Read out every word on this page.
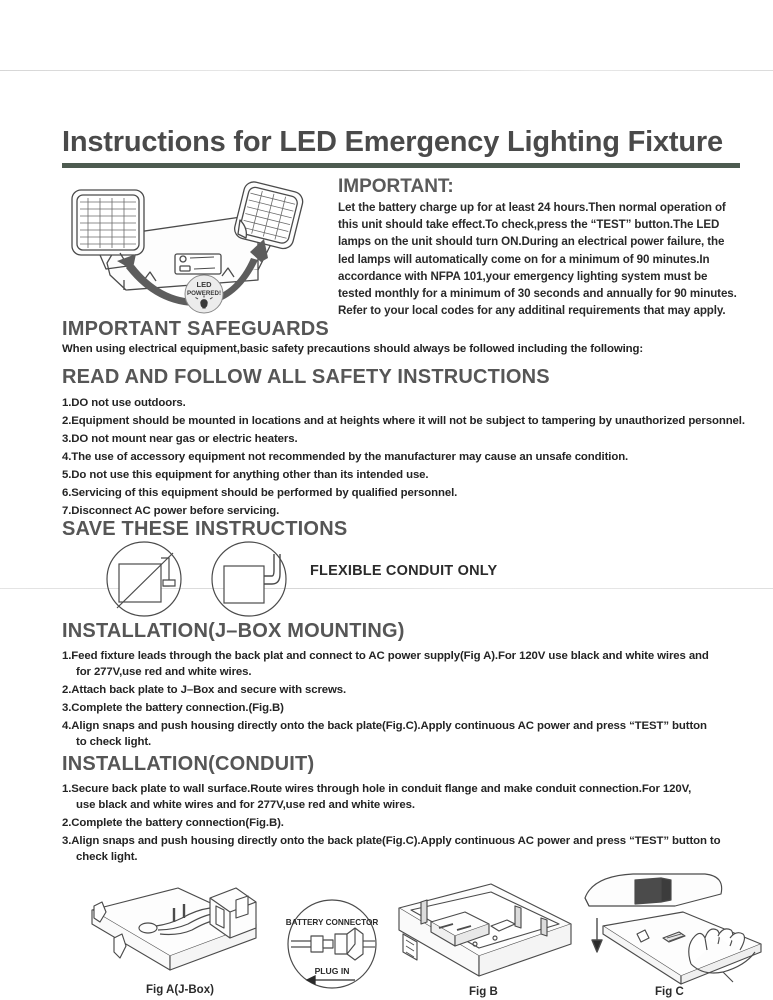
Instructions for LED Emergency Lighting Fixture
LED
POWERED!
IMPORTANT:
Let the battery charge up for at least 24 hours.Then normal operation of this unit should take effect.To check,press the “TEST” button.The LED lamps on the unit should turn ON.During an electrical power failure, the led lamps will automatically come on for a minimum of 90 minutes.In accordance with NFPA 101,your emergency lighting system must be tested monthly for a minimum of 30 seconds and annually for 90 minutes. Refer to your local codes for any additinal requirements that may apply.
IMPORTANT SAFEGUARDS
When using electrical equipment,basic safety precautions should always be followed including the following:
READ AND FOLLOW ALL SAFETY INSTRUCTIONS
1.DO not use outdoors.
2.Equipment should be mounted in locations and at heights where it will not be subject to tampering by unauthorized personnel.
3.DO not mount near gas or electric heaters.
4.The use of accessory equipment not recommended by the manufacturer may cause an unsafe condition.
5.Do not use this equipment for anything other than its intended use.
6.Servicing of this equipment should be performed by qualified personnel.
7.Disconnect AC power before servicing.
SAVE THESE INSTRUCTIONS
FLEXIBLE CONDUIT ONLY
INSTALLATION(J–BOX MOUNTING)
1.Feed fixture leads through the back plat and connect to AC power supply(Fig A).For 120V use black and white wires and
for 277V,use red and white wires.
2.Attach back plate to J–Box and secure with screws.
3.Complete the battery connection.(Fig.B)
4.Align snaps and push housing directly onto the back plate(Fig.C).Apply continuous AC power and press “TEST” button
to check light.
INSTALLATION(CONDUIT)
1.Secure back plate to wall surface.Route wires through hole in conduit flange and make conduit connection.For 120V,
use black and white wires and for 277V,use red and white wires.
2.Complete the battery connection(Fig.B).
3.Align snaps and push housing directly onto the back plate(Fig.C).Apply continuous AC power and press “TEST” button to
check light.
Fig A(J-Box)
BATTERY CONNECTOR
PLUG IN
Fig B	Fig C
